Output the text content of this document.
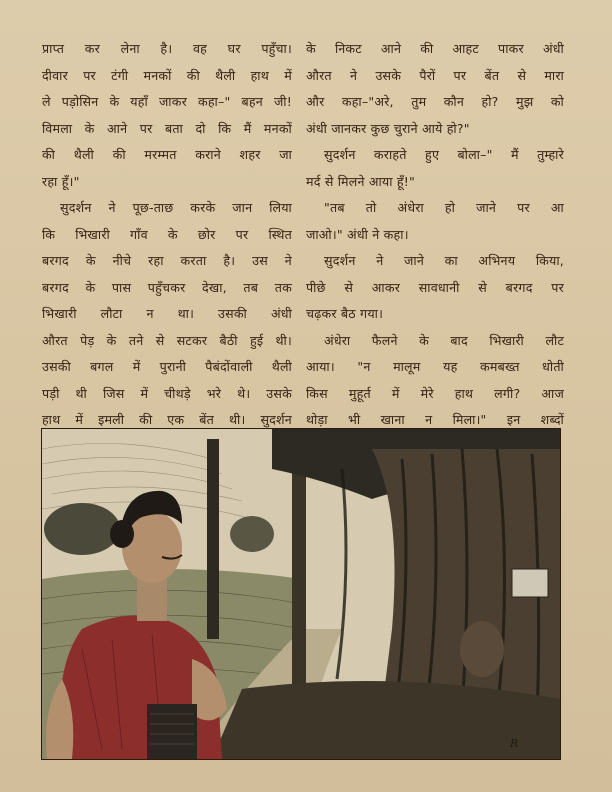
प्राप्त कर लेना है। वह घर पहुँचा।
दीवार पर टंगी मनकों की थैली हाथ में
ले पड़ोसिन के यहाँ जाकर कहा–" बहन जी!
विमला के आने पर बता दो कि मैं मनकों
की थैली की मरम्मत कराने शहर जा
रहा हूँ।"
सुदर्शन ने पूछ-ताछ करके जान लिया
कि भिखारी गाँव के छोर पर स्थित
बरगद के नीचे रहा करता है। उस ने
बरगद के पास पहुँचकर देखा, तब तक
भिखारी लौटा न था। उसकी अंधी
औरत पेड़ के तने से सटकर बैठी हुई थी।
उसकी बगल में पुरानी पैबंदोंवाली थैली
पड़ी थी जिस में चीथड़े भरे थे। उसके
हाथ में इमली की एक बेंत थी। सुदर्शन
के निकट आने की आहट पाकर अंधी
औरत ने उसके पैरों पर बेंत से मारा
और कहा–"अरे, तुम कौन हो? मुझ को
अंधी जानकर कुछ चुराने आये हो?"
सुदर्शन कराहते हुए बोला–" मैं तुम्हारे
मर्द से मिलने आया हूँ!"
"तब तो अंधेरा हो जाने पर आ
जाओ।" अंधी ने कहा।
सुदर्शन ने जाने का अभिनय किया,
पीछे से आकर सावधानी से बरगद पर
चढ़कर बैठ गया।
अंधेरा फैलने के बाद भिखारी लौट
आया। "न मालूम यह कमबख्त धोती
किस मुहूर्त में मेरे हाथ लगी? आज
थोड़ा भी खाना न मिला।" इन शब्दों
R
